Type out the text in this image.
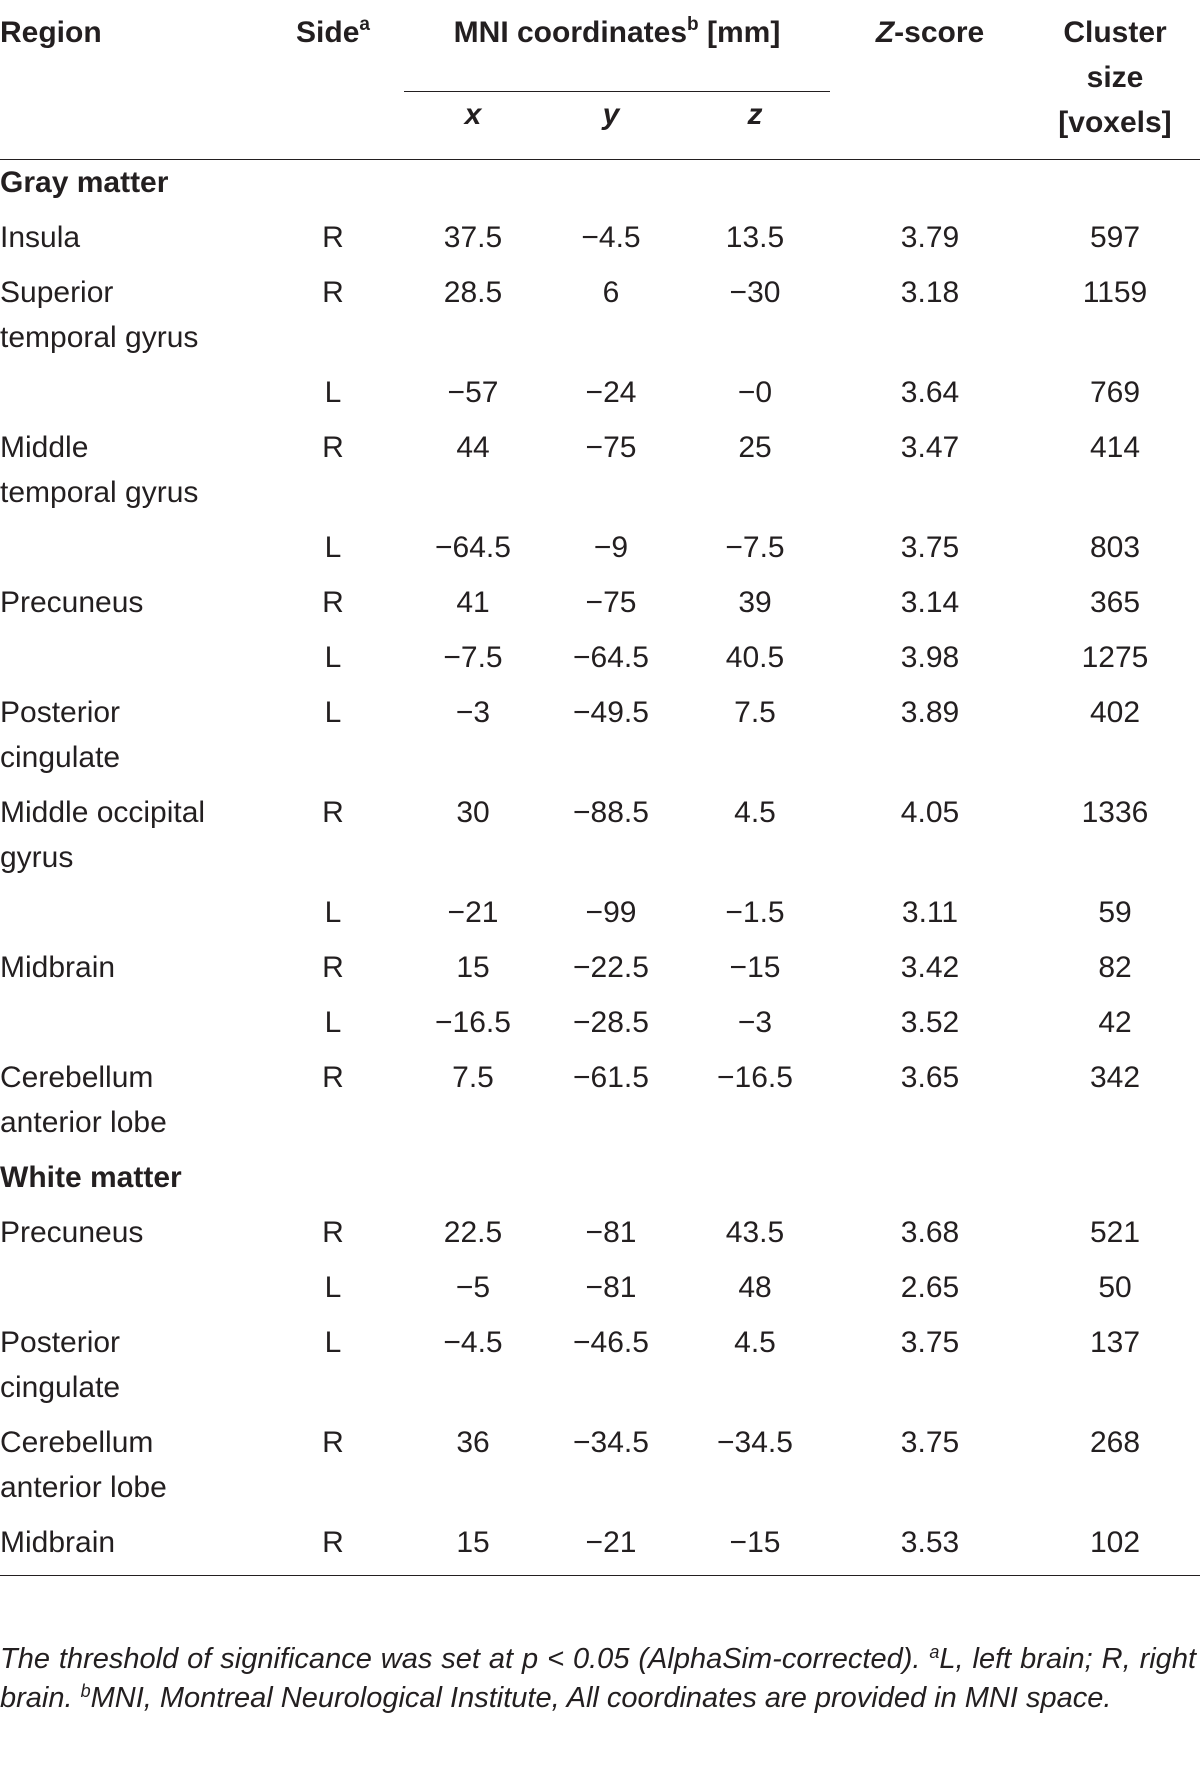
Region	Side$^a$	MNI coordinates$^b$ [mm]			Z-score	Cluster
size
[voxels]

		x	y	z		
Gray matter						

Insula	R	37.5	−4.5	13.5	3.79	597

Superior
temporal gyrus	R	28.5	6	−30	3.18	1159

	L	−57	−24	−0	3.64	769

Middle
temporal gyrus	R	44	−75	25	3.47	414

	L	−64.5	−9	−7.5	3.75	803

Precuneus	R	41	−75	39	3.14	365

	L	−7.5	−64.5	40.5	3.98	1275

Posterior
cingulate	L	−3	−49.5	7.5	3.89	402

Middle occipital
gyrus	R	30	−88.5	4.5	4.05	1336

	L	−21	−99	−1.5	3.11	59

Midbrain	R	15	−22.5	−15	3.42	82

	L	−16.5	−28.5	−3	3.52	42

Cerebellum
anterior lobe	R	7.5	−61.5	−16.5	3.65	342
White matter						

Precuneus	R	22.5	−81	43.5	3.68	521

	L	−5	−81	48	2.65	50

Posterior
cingulate	L	−4.5	−46.5	4.5	3.75	137

Cerebellum
anterior lobe	R	36	−34.5	−34.5	3.75	268

Midbrain	R	15	−21	−15	3.53	102
The threshold of significance was set at p < 0.05 (AlphaSim-corrected). $^a$L, left brain; R, right brain. $^b$MNI, Montreal Neurological Institute, All coordinates are provided in MNI space.
